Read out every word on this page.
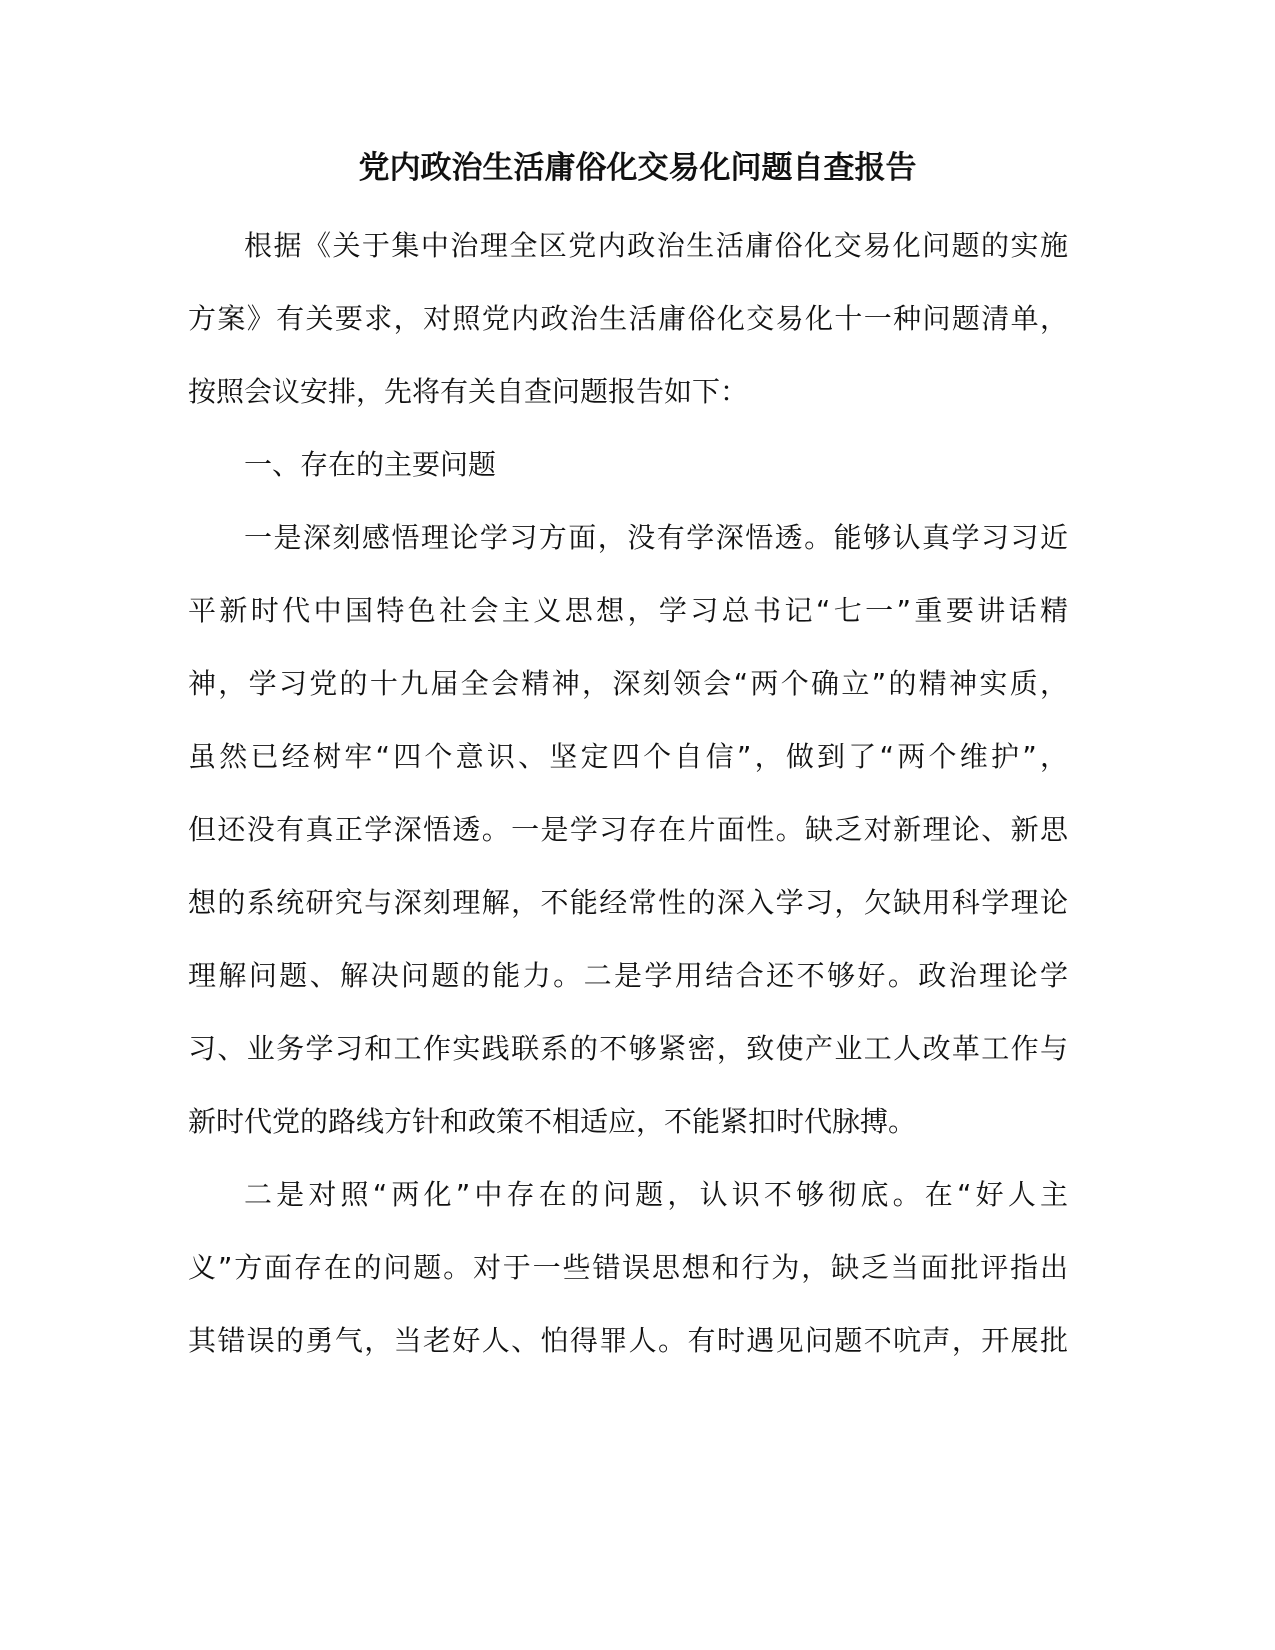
党内政治生活庸俗化交易化问题自查报告
根据《关于集中治理全区党内政治生活庸俗化交易化问题的实施
方案》有关要求，对照党内政治生活庸俗化交易化十一种问题清单，
按照会议安排，先将有关自查问题报告如下：
一、存在的主要问题
一是深刻感悟理论学习方面，没有学深悟透。能够认真学习习近
平新时代中国特色社会主义思想，学习总书记“七一”重要讲话精
神，学习党的十九届全会精神，深刻领会“两个确立”的精神实质，
虽然已经树牢“四个意识、坚定四个自信”，做到了“两个维护”，
但还没有真正学深悟透。一是学习存在片面性。缺乏对新理论、新思
想的系统研究与深刻理解，不能经常性的深入学习，欠缺用科学理论
理解问题、解决问题的能力。二是学用结合还不够好。政治理论学
习、业务学习和工作实践联系的不够紧密，致使产业工人改革工作与
新时代党的路线方针和政策不相适应，不能紧扣时代脉搏。
二是对照“两化”中存在的问题，认识不够彻底。在“好人主
义”方面存在的问题。对于一些错误思想和行为，缺乏当面批评指出
其错误的勇气，当老好人、怕得罪人。有时遇见问题不吭声，开展批
